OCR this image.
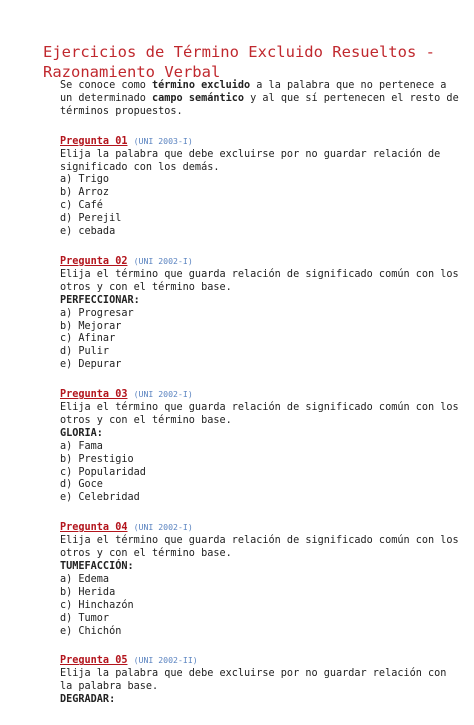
Ejercicios de Término Excluido Resueltos - Razonamiento Verbal

Se conoce como término excluido a la palabra que no pertenece a un determinado campo semántico y al que sí pertenecen el resto de términos propuestos.

Pregunta 01 (UNI 2003-I)

Elija la palabra que debe excluirse por no guardar relación de significado con los demás.

a) Trigo
b) Arroz
c) Café
d) Perejil
e) cebada

Pregunta 02 (UNI 2002-I)

Elija el término que guarda relación de significado común con los otros y con el término base.

PERFECCIONAR:

a) Progresar
b) Mejorar
c) Afinar
d) Pulir
e) Depurar

Pregunta 03 (UNI 2002-I)

Elija el término que guarda relación de significado común con los otros y con el término base.

GLORIA:

a) Fama
b) Prestigio
c) Popularidad
d) Goce
e) Celebridad

Pregunta 04 (UNI 2002-I)

Elija el término que guarda relación de significado común con los otros y con el término base.

TUMEFACCIÓN:

a) Edema
b) Herida
c) Hinchazón
d) Tumor
e) Chichón

Pregunta 05 (UNI 2002-II)

Elija la palabra que debe excluirse por no guardar relación con la palabra base.

DEGRADAR:
